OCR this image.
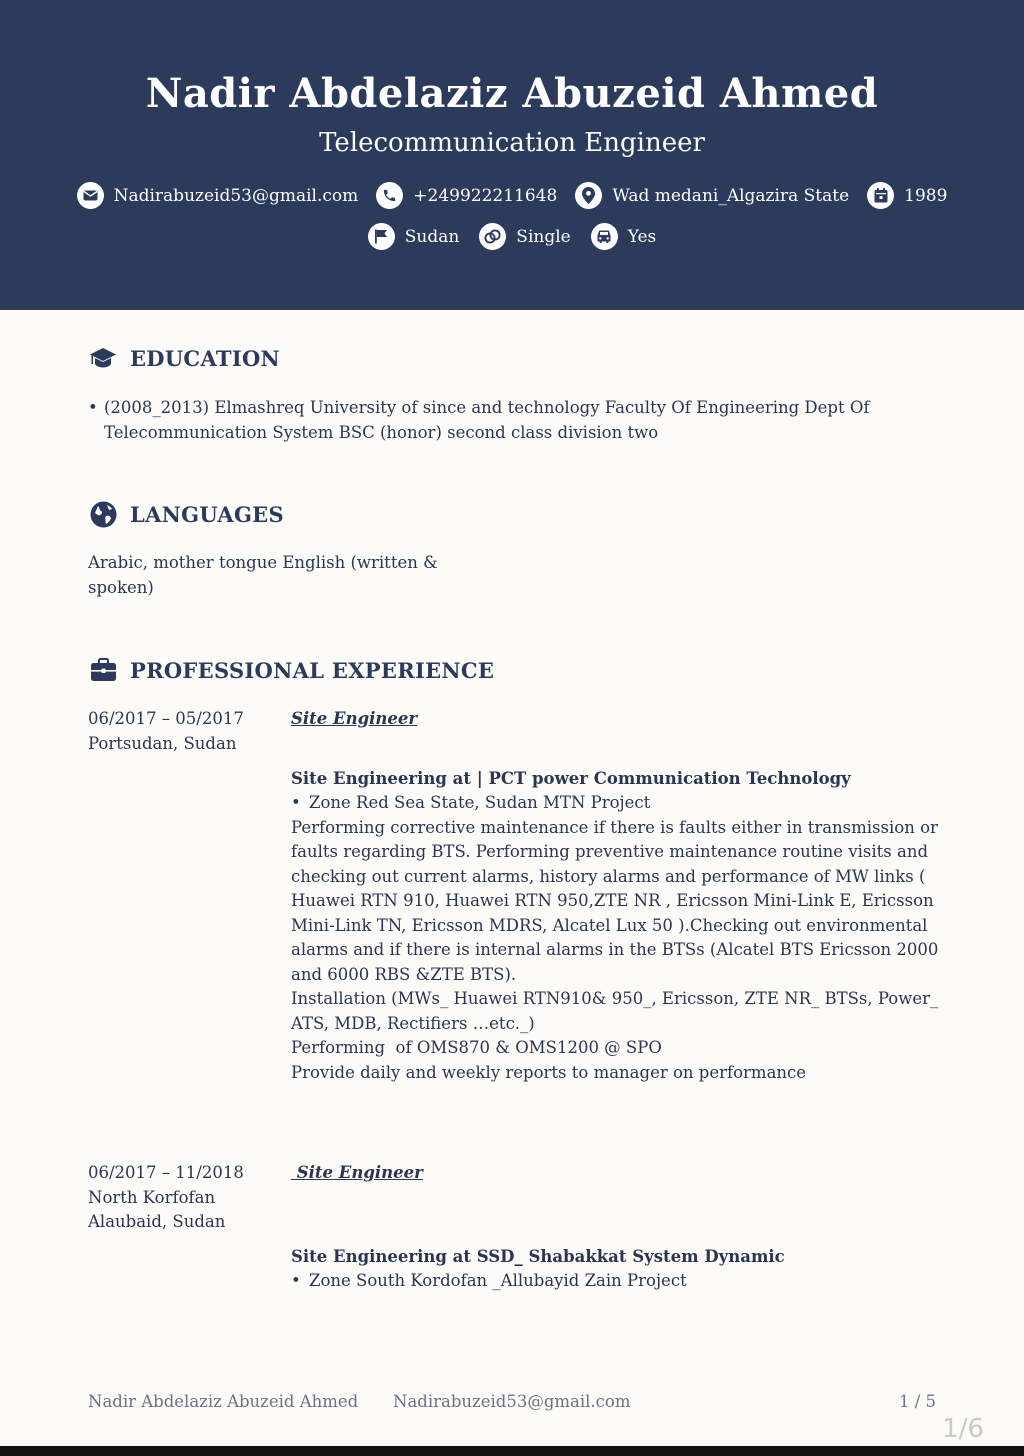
Nadir Abdelaziz Abuzeid Ahmed
Telecommunication Engineer
Nadirabuzeid53@gmail.com	+249922211648	Wad medani_Algazira State	1989
Sudan	Single	Yes
EDUCATION
• (2008_2013) Elmashreq University of since and technology Faculty Of Engineering Dept Of Telecommunication System BSC (honor) second class division two
LANGUAGES
Arabic, mother tongue English (written & spoken)
PROFESSIONAL EXPERIENCE
06/2017 – 05/2017
Portsudan, Sudan
Site Engineer
Site Engineering at | PCT power Communication Technology
• Zone Red Sea State, Sudan MTN Project
Performing corrective maintenance if there is faults either in transmission or faults regarding BTS. Performing preventive maintenance routine visits and checking out current alarms, history alarms and performance of MW links ( Huawei RTN 910, Huawei RTN 950,ZTE NR , Ericsson Mini-Link E, Ericsson Mini-Link TN, Ericsson MDRS, Alcatel Lux 50 ).Checking out environmental alarms and if there is internal alarms in the BTSs (Alcatel BTS Ericsson 2000 and 6000 RBS &ZTE BTS).
Installation (MWs_ Huawei RTN910& 950_, Ericsson, ZTE NR_ BTSs, Power_ ATS, MDB, Rectifiers …etc._)
Performing  of OMS870 & OMS1200 @ SPO
Provide daily and weekly reports to manager on performance
06/2017 – 11/2018
North Korfofan
Alaubaid, Sudan
Site Engineer
Site Engineering at SSD_ Shabakkat System Dynamic
• Zone South Kordofan _Allubayid Zain Project
Nadir Abdelaziz Abuzeid Ahmed Nadirabuzeid53@gmail.com	1 / 5
1/6
